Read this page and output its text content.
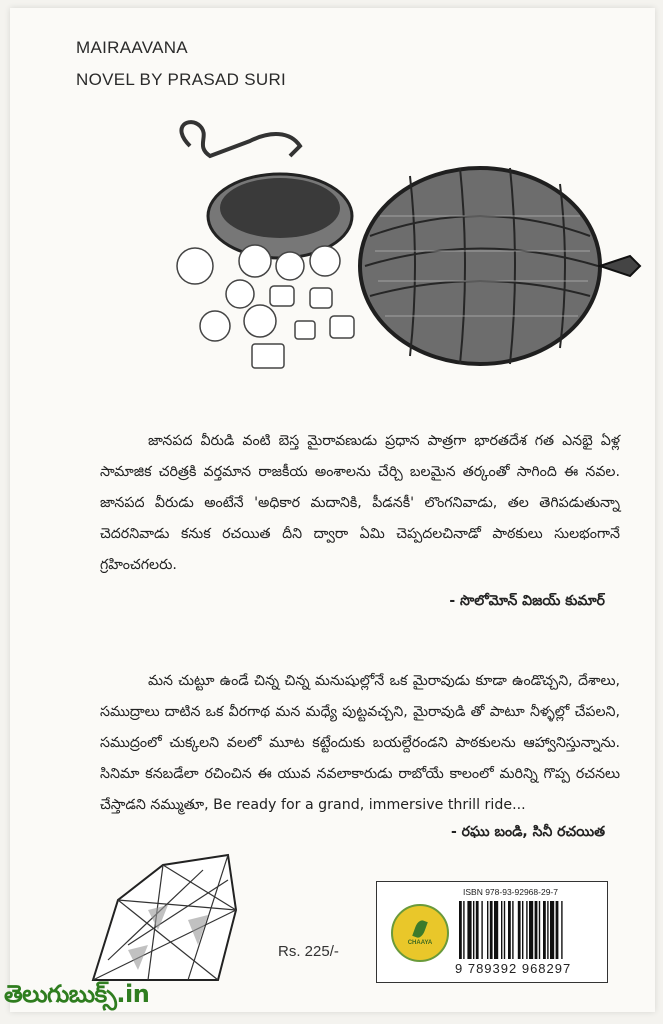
MAIRAAVANA
NOVEL BY PRASAD SURI

జానపద వీరుడి వంటి బెస్త మైరావణుడు ప్రధాన పాత్రగా భారతదేశ గత ఎనభై ఏళ్ల సామాజిక చరిత్రకి వర్తమాన రాజకీయ అంశాలను చేర్చి బలమైన తర్కంతో సాగింది ఈ నవల. జానపద వీరుడు అంటేనే 'అధికార మదానికి, పీడనకీ' లొంగనివాడు, తల తెగిపడుతున్నా చెదరనివాడు కనుక రచయిత దీని ద్వారా ఏమి చెప్పదలచినాడో పాఠకులు సులభంగానే గ్రహించగలరు.

- సొలోమోన్ విజయ్ కుమార్

మన చుట్టూ ఉండే చిన్న చిన్న మనుషుల్లోనే ఒక మైరావుడు కూడా ఉండొచ్చని, దేశాలు, సముద్రాలు దాటిన ఒక వీరగాథ మన మధ్యే పుట్టవచ్చని, మైరావుడి తో పాటూ నీళ్ళల్లో చేపలని, సముద్రంలో చుక్కలని వలలో మూట కట్టేందుకు బయల్దేరండని పాఠకులను ఆహ్వానిస్తున్నాను. సినిమా కనబడేలా రచించిన ఈ యువ నవలాకారుడు రాబోయే కాలంలో మరిన్ని గొప్ప రచనలు చేస్తాడని నమ్ముతూ, Be ready for a grand, immersive thrill ride...

- రఘు బండి, సినీ రచయిత
Rs. 225/-	CHAAYA
ISBN 978-93-92968-29-7
9 789392 968297
తెలుగుబుక్స్.in
